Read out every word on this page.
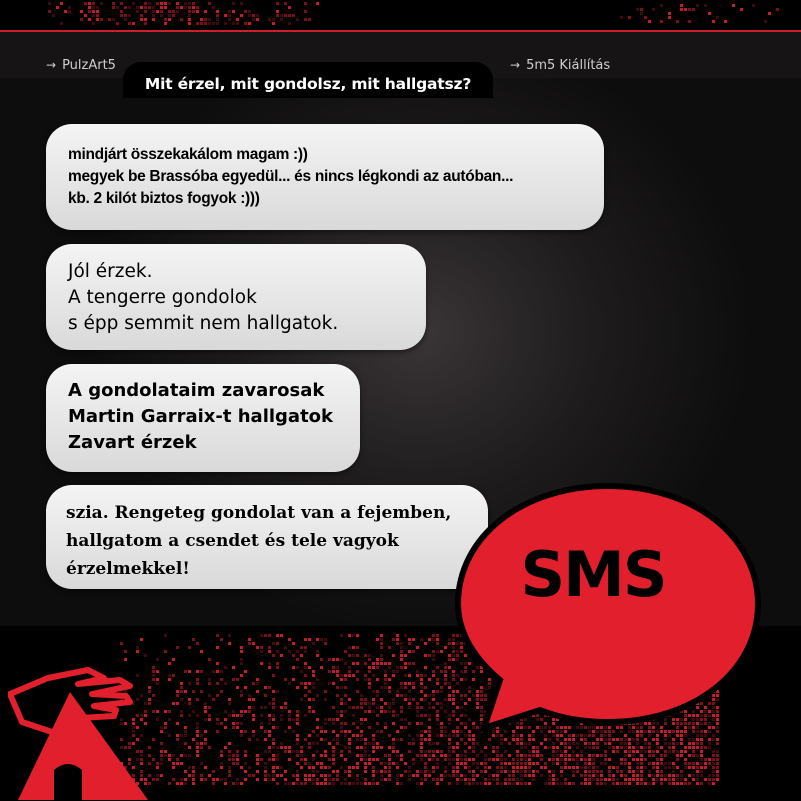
→ PulzArt5	→ 5m5 Kiállítás
Mit érzel, mit gondolsz, mit hallgatsz?
mindjárt összekakálom magam :))
megyek be Brassóba egyedül... és nincs légkondi az autóban...
kb. 2 kilót biztos fogyok :)))
Jól érzek.
A tengerre gondolok
s épp semmit nem hallgatok.
A gondolataim zavarosak
Martin Garraix-t hallgatok
Zavart érzek
szia. Rengeteg gondolat van a fejemben,
hallgatom a csendet és tele vagyok
érzelmekkel!	SMS
